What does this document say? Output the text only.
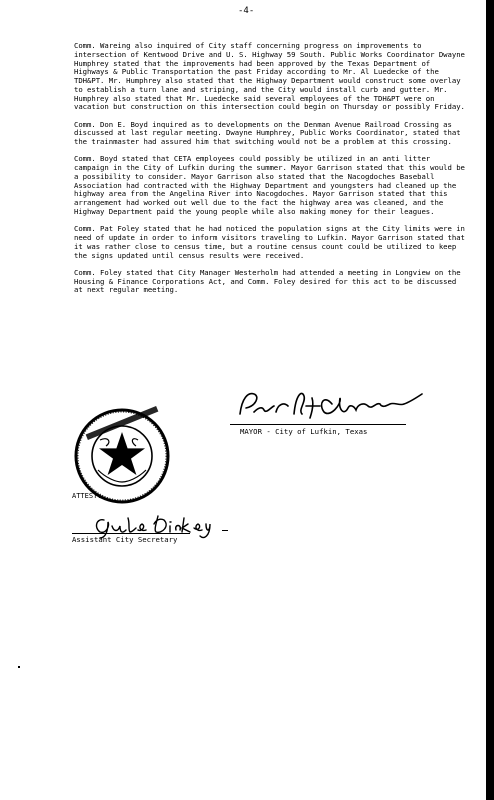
-4-

Comm. Wareing also inquired of City staff concerning progress on improvements to intersection of Kentwood Drive and U. S. Highway 59 South. Public Works Coordinator Dwayne Humphrey stated that the improvements had been approved by the Texas Department of Highways & Public Transportation the past Friday according to Mr. Al Luedecke of the TDH&PT. Mr. Humphrey also stated that the Highway Department would construct some overlay to establish a turn lane and striping, and the City would install curb and gutter. Mr. Humphrey also stated that Mr. Luedecke said several employees of the TDH&PT were on vacation but construction on this intersection could begin on Thursday or possibly Friday.

Comm. Don E. Boyd inquired as to developments on the Denman Avenue Railroad Crossing as discussed at last regular meeting. Dwayne Humphrey, Public Works Coordinator, stated that the trainmaster had assured him that switching would not be a problem at this crossing.

Comm. Boyd stated that CETA employees could possibly be utilized in an anti litter campaign in the City of Lufkin during the summer. Mayor Garrison stated that this would be a possibility to consider. Mayor Garrison also stated that the Nacogdoches Baseball Association had contracted with the Highway Department and youngsters had cleaned up the highway area from the Angelina River into Nacogdoches. Mayor Garrison stated that this arrangement had worked out well due to the fact the highway area was cleaned, and the Highway Department paid the young people while also making money for their leagues.

Comm. Pat Foley stated that he had noticed the population signs at the City limits were in need of update in order to inform visitors traveling to Lufkin. Mayor Garrison stated that it was rather close to census time, but a routine census count could be utilized to keep the signs updated until census results were received.

Comm. Foley stated that City Manager Westerholm had attended a meeting in Longview on the Housing & Finance Corporations Act, and Comm. Foley desired for this act to be discussed at next regular meeting.

MAYOR - City of Lufkin, Texas
ATTEST:
Assistant City Secretary
